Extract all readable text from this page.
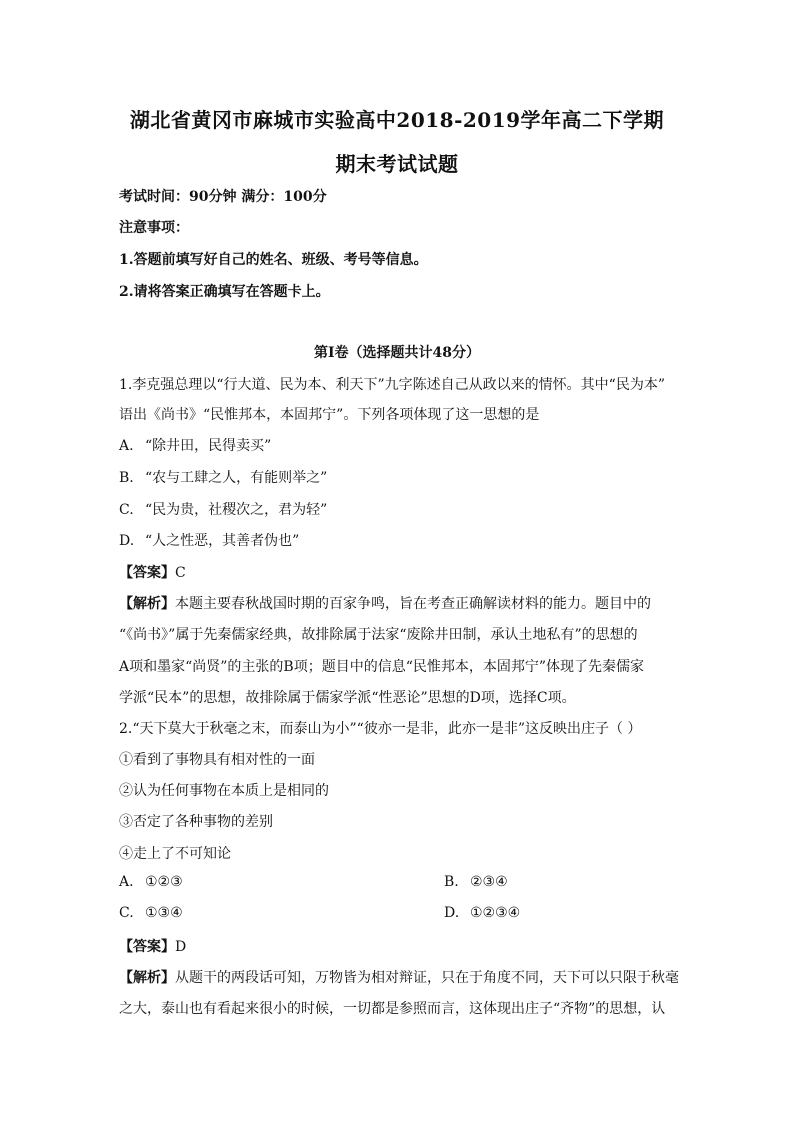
湖北省黄冈市麻城市实验高中2018-2019学年高二下学期
期末考试试题
考试时间：90分钟 满分：100分
注意事项：
1.答题前填写好自己的姓名、班级、考号等信息。
2.请将答案正确填写在答题卡上。
第I卷（选择题共计48分）
1.李克强总理以“行大道、民为本、利天下”九字陈述自己从政以来的情怀。其中“民为本”
语出《尚书》“民惟邦本，本固邦宁”。下列各项体现了这一思想的是
A. “除井田，民得卖买”
B. “农与工肆之人，有能则举之”
C. “民为贵，社稷次之，君为轻”
D. “人之性恶，其善者伪也”
【答案】C
【解析】本题主要春秋战国时期的百家争鸣，旨在考查正确解读材料的能力。题目中的
“《尚书》”属于先秦儒家经典，故排除属于法家“废除井田制，承认土地私有”的思想的
A项和墨家“尚贤”的主张的B项；题目中的信息“民惟邦本，本固邦宁”体现了先秦儒家
学派“民本”的思想，故排除属于儒家学派“性恶论”思想的D项，选择C项。
2.“天下莫大于秋毫之末，而泰山为小”“彼亦一是非，此亦一是非”这反映出庄子（ ）
①看到了事物具有相对性的一面
②认为任何事物在本质上是相同的
③否定了各种事物的差别
④走上了不可知论
A. ①②③	B. ②③④
C. ①③④	D. ①②③④
【答案】D
【解析】从题干的两段话可知，万物皆为相对辩证，只在于角度不同，天下可以只限于秋毫
之大，泰山也有看起来很小的时候，一切都是参照而言，这体现出庄子“齐物”的思想，认
